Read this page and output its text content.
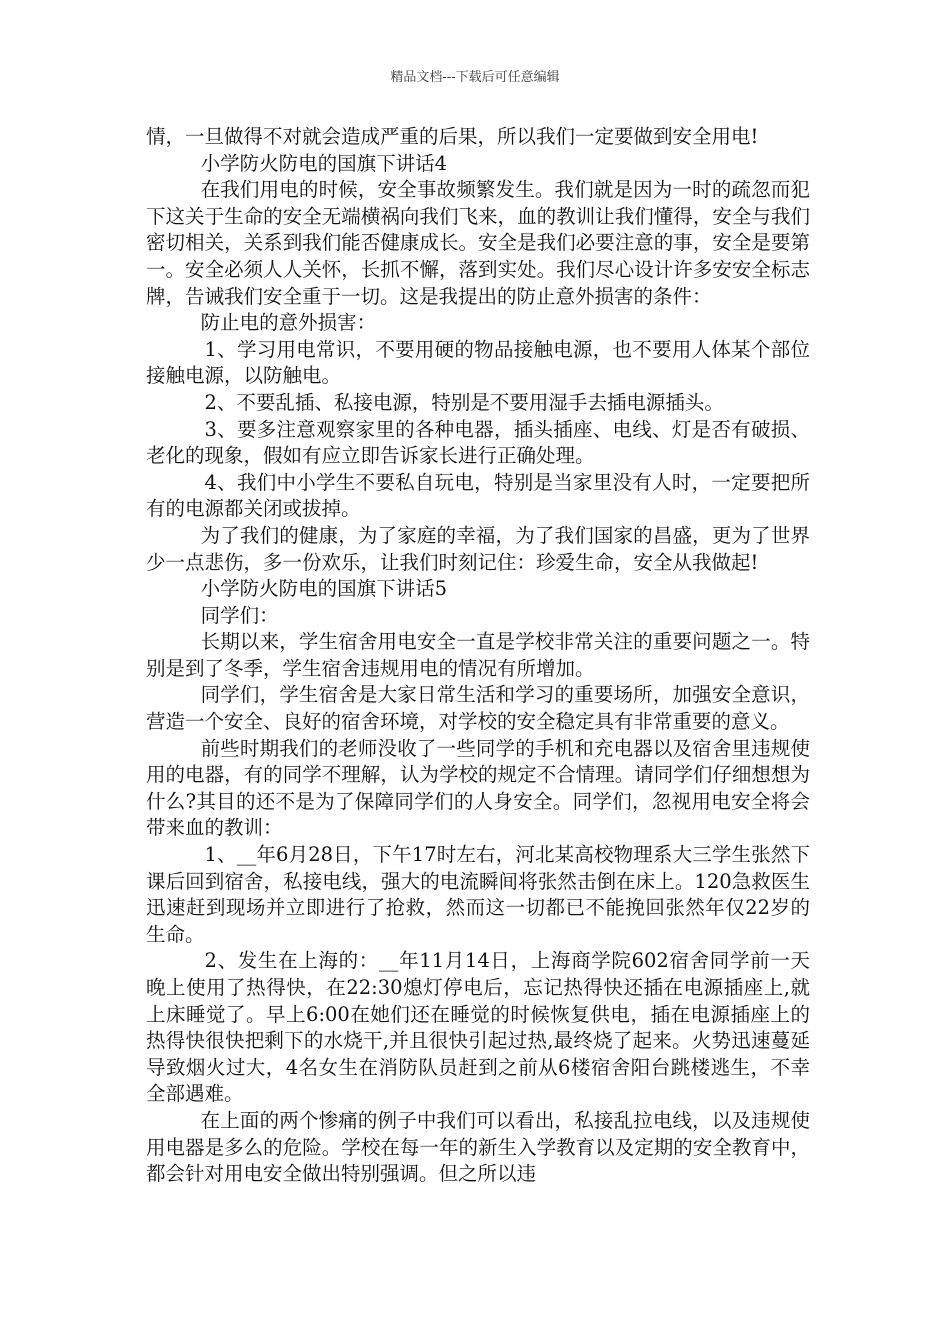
精品文档---下载后可任意编辑

情，一旦做得不对就会造成严重的后果，所以我们一定要做到安全用电!

小学防火防电的国旗下讲话4

在我们用电的时候，安全事故频繁发生。我们就是因为一时的疏忽而犯下这关于生命的安全无端横祸向我们飞来，血的教训让我们懂得，安全与我们密切相关，关系到我们能否健康成长。安全是我们必要注意的事，安全是要第一。安全必须人人关怀，长抓不懈，落到实处。我们尽心设计许多安安全标志牌，告诫我们安全重于一切。这是我提出的防止意外损害的条件：

防止电的意外损害：

1、学习用电常识，不要用硬的物品接触电源，也不要用人体某个部位接触电源，以防触电。

2、不要乱插、私接电源，特别是不要用湿手去插电源插头。

3、要多注意观察家里的各种电器，插头插座、电线、灯是否有破损、老化的现象，假如有应立即告诉家长进行正确处理。

4、我们中小学生不要私自玩电，特别是当家里没有人时，一定要把所有的电源都关闭或拔掉。

为了我们的健康，为了家庭的幸福，为了我们国家的昌盛，更为了世界少一点悲伤，多一份欢乐，让我们时刻记住：珍爱生命，安全从我做起!

小学防火防电的国旗下讲话5

同学们：

长期以来，学生宿舍用电安全一直是学校非常关注的重要问题之一。特别是到了冬季，学生宿舍违规用电的情况有所增加。

同学们，学生宿舍是大家日常生活和学习的重要场所，加强安全意识，营造一个安全、良好的宿舍环境，对学校的安全稳定具有非常重要的意义。

前些时期我们的老师没收了一些同学的手机和充电器以及宿舍里违规使用的电器，有的同学不理解，认为学校的规定不合情理。请同学们仔细想想为什么?其目的还不是为了保障同学们的人身安全。同学们，忽视用电安全将会带来血的教训：

1、__年6月28日，下午17时左右，河北某高校物理系大三学生张然下课后回到宿舍，私接电线，强大的电流瞬间将张然击倒在床上。120急救医生迅速赶到现场并立即进行了抢救，然而这一切都已不能挽回张然年仅22岁的生命。

2、发生在上海的：__年11月14日，上海商学院602宿舍同学前一天晚上使用了热得快，在22:30熄灯停电后，忘记热得快还插在电源插座上,就上床睡觉了。早上6:00在她们还在睡觉的时候恢复供电，插在电源插座上的热得快很快把剩下的水烧干,并且很快引起过热,最终烧了起来。火势迅速蔓延导致烟火过大，4名女生在消防队员赶到之前从6楼宿舍阳台跳楼逃生，不幸全部遇难。

在上面的两个惨痛的例子中我们可以看出，私接乱拉电线，以及违规使用电器是多么的危险。学校在每一年的新生入学教育以及定期的安全教育中，都会针对用电安全做出特别强调。但之所以违
